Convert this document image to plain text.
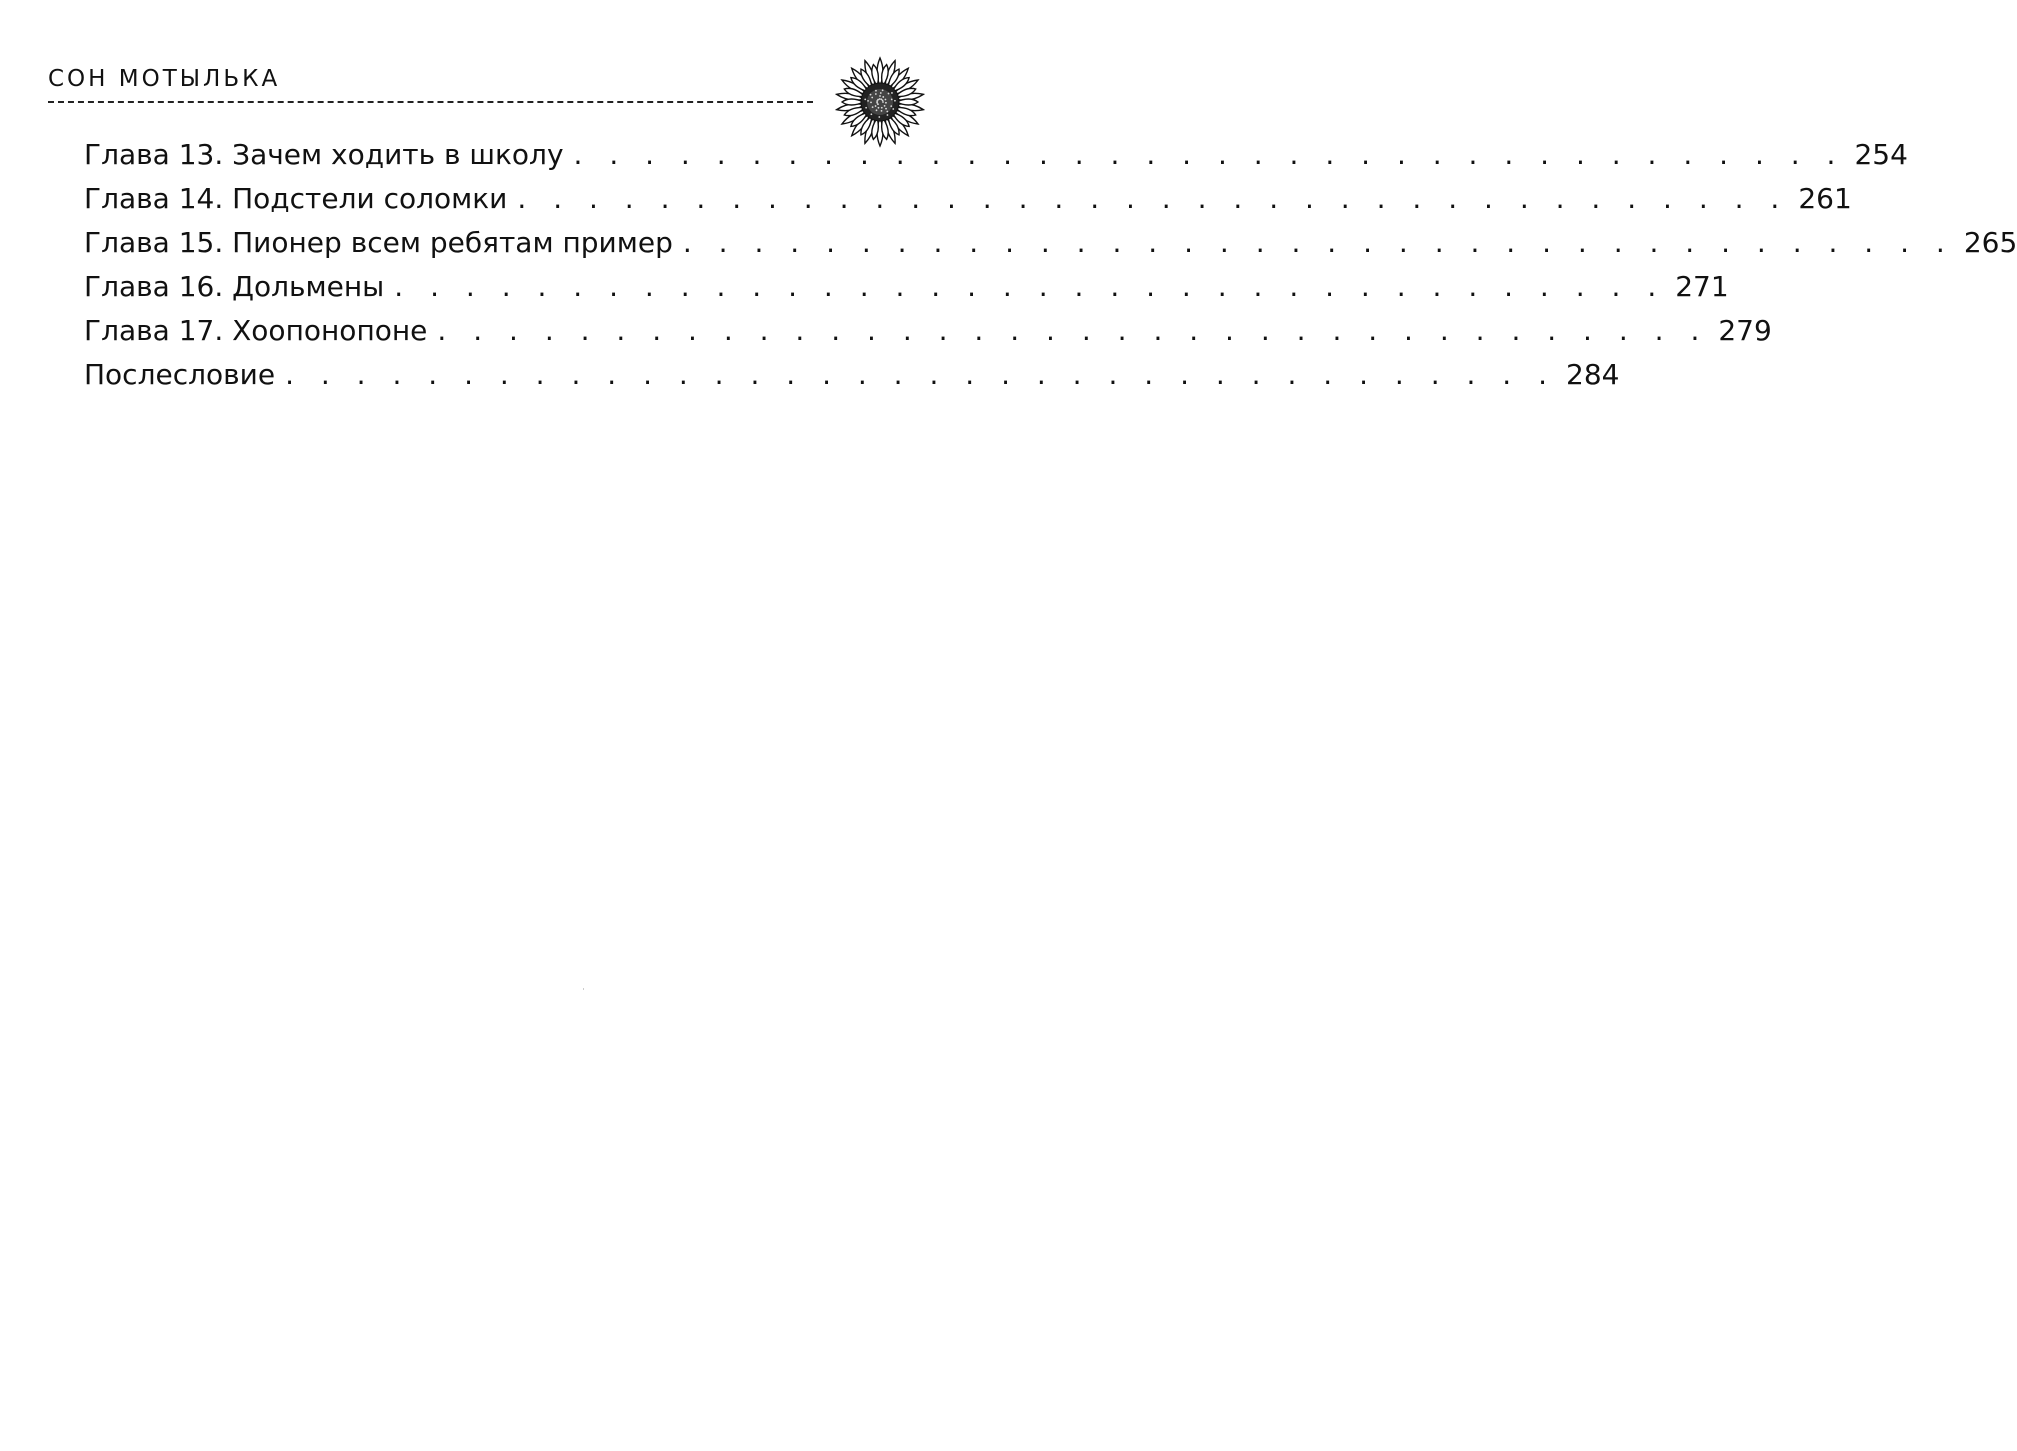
СОН МОТЫЛЬКА
Глава 13. Зачем ходить в школу . . . . . . . . . . . . . . . . . . . . . . . . . . . . . . . . . . . . 254
Глава 14. Подстели соломки . . . . . . . . . . . . . . . . . . . . . . . . . . . . . . . . . . . . 261
Глава 15. Пионер всем ребятам пример . . . . . . . . . . . . . . . . . . . . . . . . . . . . . . . . . . . . 265
Глава 16. Дольмены . . . . . . . . . . . . . . . . . . . . . . . . . . . . . . . . . . . . 271
Глава 17. Хоопонопоне . . . . . . . . . . . . . . . . . . . . . . . . . . . . . . . . . . . . 279
Послесловие . . . . . . . . . . . . . . . . . . . . . . . . . . . . . . . . . . . . 284
